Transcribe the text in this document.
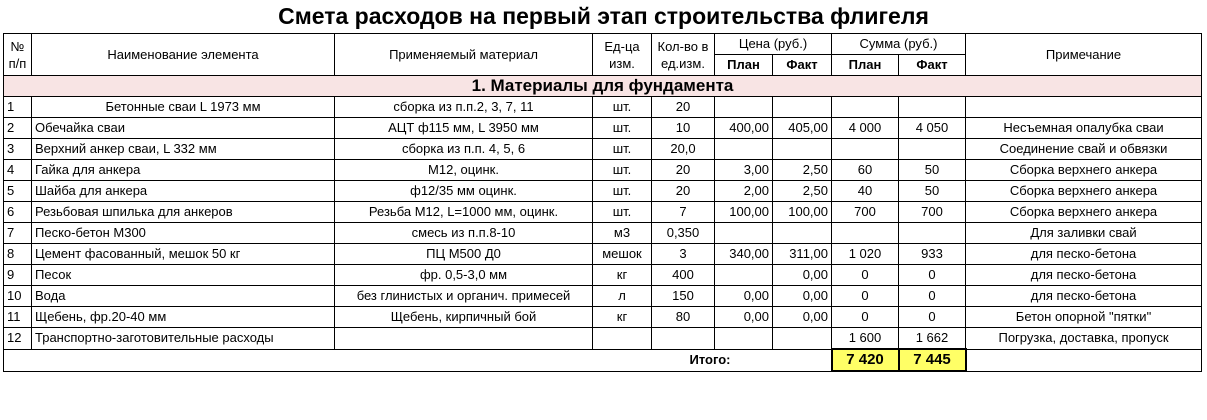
Смета расходов на первый этап строительства флигеля
№ п/п	Наименование элемента	Применяемый материал	Ед-ца изм.	Кол-во в ед.изм.	Цена (руб.)		Сумма (руб.)		Примечание
					План	Факт	План	Факт	
1. Материалы для фундамента									
1	Бетонные сваи L 1973 мм	сборка из п.п.2, 3, 7, 11	шт.	20					
2	Обечайка сваи	АЦТ ф115 мм, L 3950 мм	шт.	10	400,00	405,00	4 000	4 050	Несъемная опалубка сваи
3	Верхний анкер сваи, L 332 мм	сборка из п.п. 4, 5, 6	шт.	20,0					Соединение свай и обвязки
4	Гайка для анкера	М12, оцинк.	шт.	20	3,00	2,50	60	50	Сборка верхнего анкера
5	Шайба для анкера	ф12/35 мм оцинк.	шт.	20	2,00	2,50	40	50	Сборка верхнего анкера
6	Резьбовая шпилька для анкеров	Резьба М12, L=1000 мм, оцинк.	шт.	7	100,00	100,00	700	700	Сборка верхнего анкера
7	Песко-бетон М300	смесь из п.п.8-10	м3	0,350					Для заливки свай
8	Цемент фасованный, мешок 50 кг	ПЦ М500 Д0	мешок	3	340,00	311,00	1 020	933	для песко-бетона
9	Песок	фр. 0,5-3,0 мм	кг	400		0,00	0	0	для песко-бетона
10	Вода	без глинистых и органич. примесей	л	150	0,00	0,00	0	0	для песко-бетона
11	Щебень, фр.20-40 мм	Щебень, кирпичный бой	кг	80	0,00	0,00	0	0	Бетон опорной "пятки"
12	Транспортно-заготовительные расходы						1 600	1 662	Погрузка, доставка, пропуск
Итого:							7 420	7 445	
